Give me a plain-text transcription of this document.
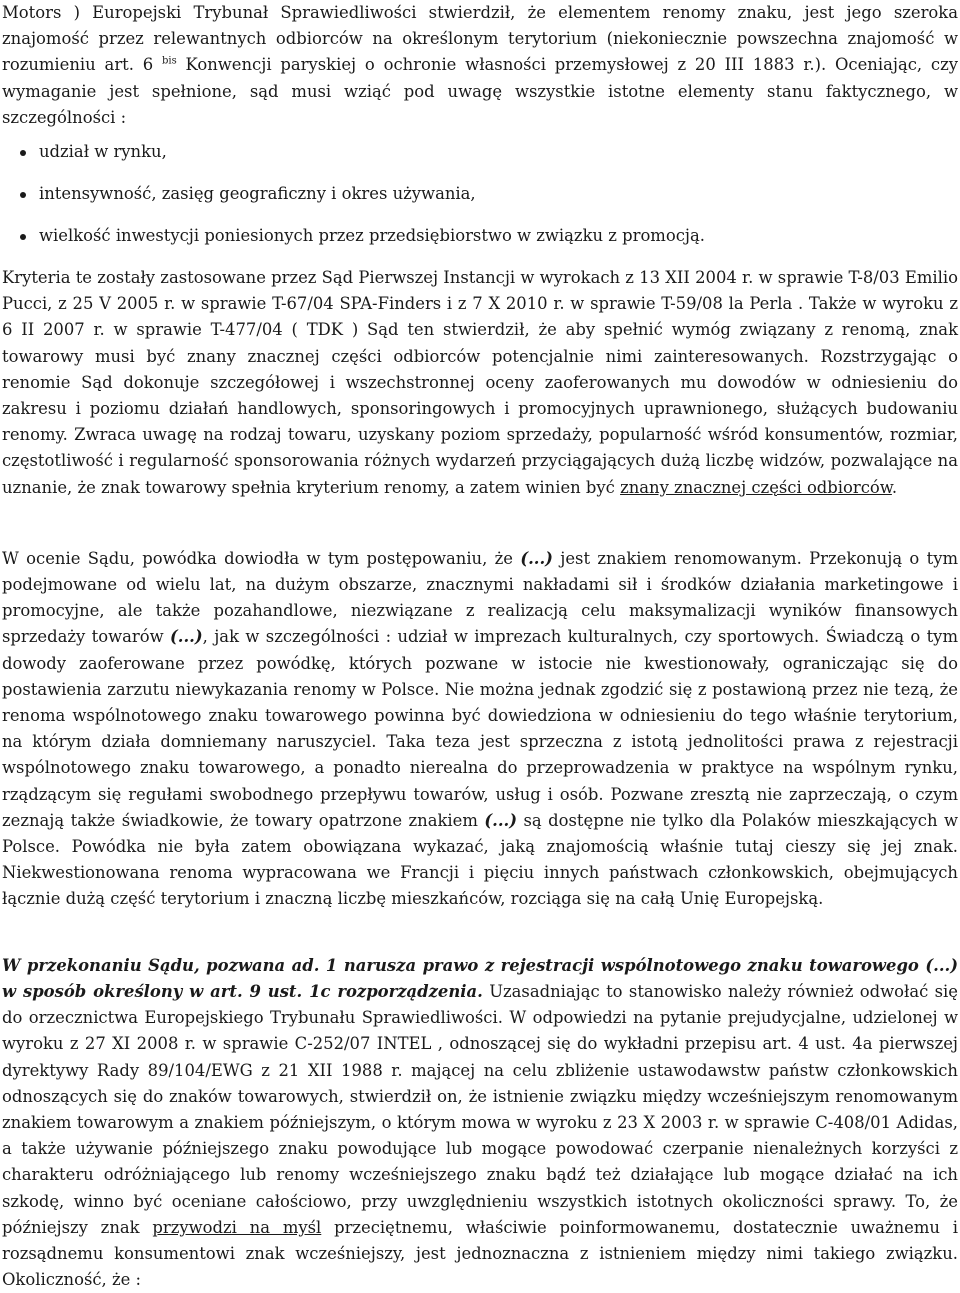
Motors ) Europejski Trybunał Sprawiedliwości stwierdził, że elementem renomy znaku, jest jego szeroka znajomość przez relewantnych odbiorców na określonym terytorium (niekoniecznie powszechna znajomość w rozumieniu art. 6 $^{bis}$ Konwencji paryskiej o ochronie własności przemysłowej z 20 III 1883 r.). Oceniając, czy wymaganie jest spełnione, sąd musi wziąć pod uwagę wszystkie istotne elementy stanu faktycznego, w szczególności :

udział w rynku,
intensywność, zasięg geograficzny i okres używania,
wielkość inwestycji poniesionych przez przedsiębiorstwo w związku z promocją.

Kryteria te zostały zastosowane przez Sąd Pierwszej Instancji w wyrokach z 13 XII 2004 r. w sprawie T-8/03 Emilio Pucci, z 25 V 2005 r. w sprawie T-67/04 SPA-Finders i z 7 X 2010 r. w sprawie T-59/08 la Perla . Także w wyroku z 6 II 2007 r. w sprawie T-477/04 ( TDK ) Sąd ten stwierdził, że aby spełnić wymóg związany z renomą, znak towarowy musi być znany znacznej części odbiorców potencjalnie nimi zainteresowanych. Rozstrzygając o renomie Sąd dokonuje szczegółowej i wszechstronnej oceny zaoferowanych mu dowodów w odniesieniu do zakresu i poziomu działań handlowych, sponsoringowych i promocyjnych uprawnionego, służących budowaniu renomy. Zwraca uwagę na rodzaj towaru, uzyskany poziom sprzedaży, popularność wśród konsumentów, rozmiar, częstotliwość i regularność sponsorowania różnych wydarzeń przyciągających dużą liczbę widzów, pozwalające na uznanie, że znak towarowy spełnia kryterium renomy, a zatem winien być znany znacznej części odbiorców.

W ocenie Sądu, powódka dowiodła w tym postępowaniu, że (...) jest znakiem renomowanym. Przekonują o tym podejmowane od wielu lat, na dużym obszarze, znacznymi nakładami sił i środków działania marketingowe i promocyjne, ale także pozahandlowe, niezwiązane z realizacją celu maksymalizacji wyników finansowych sprzedaży towarów (...), jak w szczególności : udział w imprezach kulturalnych, czy sportowych. Świadczą o tym dowody zaoferowane przez powódkę, których pozwane w istocie nie kwestionowały, ograniczając się do postawienia zarzutu niewykazania renomy w Polsce. Nie można jednak zgodzić się z postawioną przez nie tezą, że renoma wspólnotowego znaku towarowego powinna być dowiedziona w odniesieniu do tego właśnie terytorium, na którym działa domniemany naruszyciel. Taka teza jest sprzeczna z istotą jednolitości prawa z rejestracji wspólnotowego znaku towarowego, a ponadto nierealna do przeprowadzenia w praktyce na wspólnym rynku, rządzącym się regułami swobodnego przepływu towarów, usług i osób. Pozwane zresztą nie zaprzeczają, o czym zeznają także świadkowie, że towary opatrzone znakiem (...) są dostępne nie tylko dla Polaków mieszkających w Polsce. Powódka nie była zatem obowiązana wykazać, jaką znajomością właśnie tutaj cieszy się jej znak. Niekwestionowana renoma wypracowana we Francji i pięciu innych państwach członkowskich, obejmujących łącznie dużą część terytorium i znaczną liczbę mieszkańców, rozciąga się na całą Unię Europejską.

W przekonaniu Sądu, pozwana ad. 1 narusza prawo z rejestracji wspólnotowego znaku towarowego (...) w sposób określony w art. 9 ust. 1c rozporządzenia. Uzasadniając to stanowisko należy również odwołać się do orzecznictwa Europejskiego Trybunału Sprawiedliwości. W odpowiedzi na pytanie prejudycjalne, udzielonej w wyroku z 27 XI 2008 r. w sprawie C-252/07 INTEL , odnoszącej się do wykładni przepisu art. 4 ust. 4a pierwszej dyrektywy Rady 89/104/EWG z 21 XII 1988 r. mającej na celu zbliżenie ustawodawstw państw członkowskich odnoszących się do znaków towarowych, stwierdził on, że istnienie związku między wcześniejszym renomowanym znakiem towarowym a znakiem późniejszym, o którym mowa w wyroku z 23 X 2003 r. w sprawie C-408/01 Adidas, a także używanie późniejszego znaku powodujące lub mogące powodować czerpanie nienależnych korzyści z charakteru odróżniającego lub renomy wcześniejszego znaku bądź też działające lub mogące działać na ich szkodę, winno być oceniane całościowo, przy uwzględnieniu wszystkich istotnych okoliczności sprawy. To, że późniejszy znak przywodzi na myśl przeciętnemu, właściwie poinformowanemu, dostatecznie uważnemu i rozsądnemu konsumentowi znak wcześniejszy, jest jednoznaczna z istnieniem między nimi takiego związku. Okoliczność, że :
